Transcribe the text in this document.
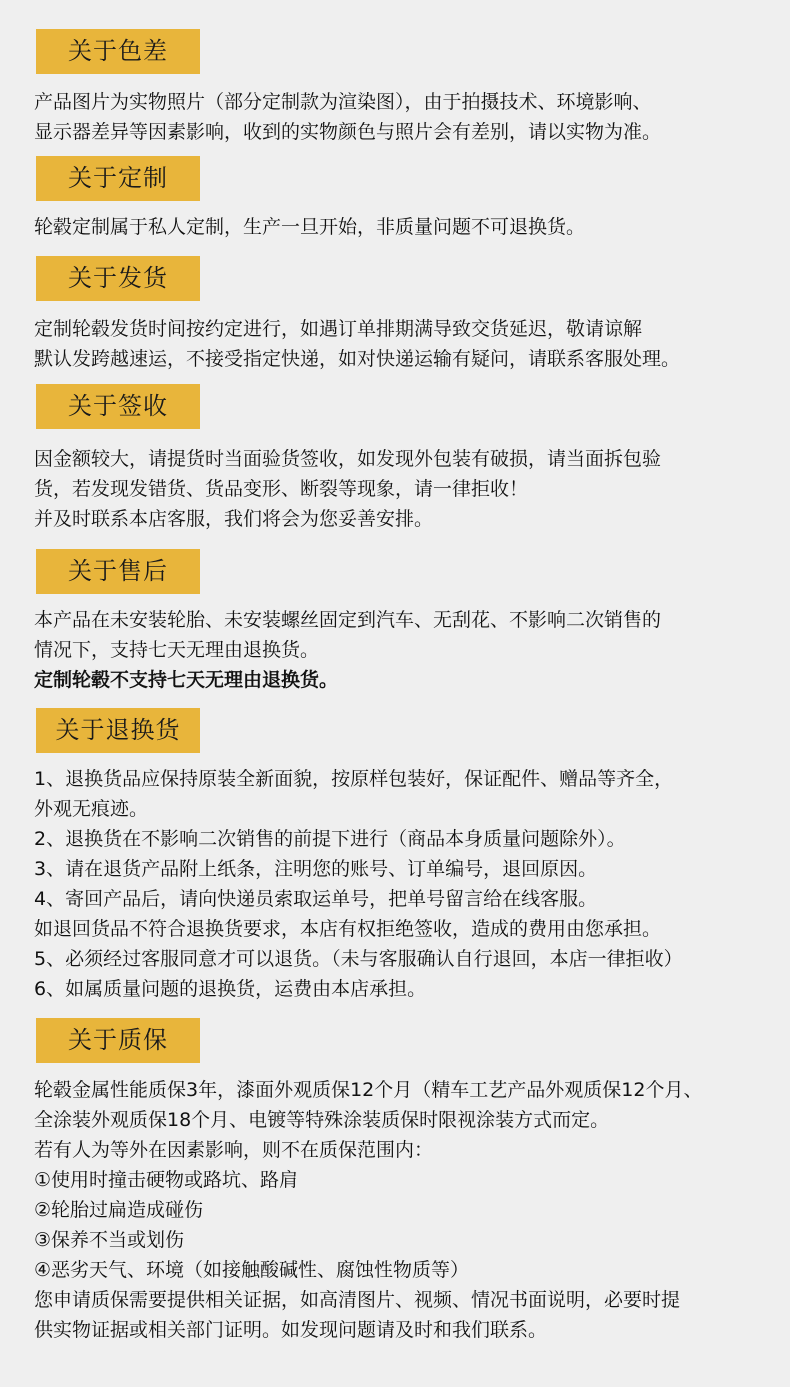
关于色差
产品图片为实物照片（部分定制款为渲染图），由于拍摄技术、环境影响、
显示器差异等因素影响，收到的实物颜色与照片会有差别，请以实物为准。
关于定制
轮毂定制属于私人定制，生产一旦开始，非质量问题不可退换货。
关于发货
定制轮毂发货时间按约定进行，如遇订单排期满导致交货延迟，敬请谅解
默认发跨越速运，不接受指定快递，如对快递运输有疑问，请联系客服处理。
关于签收
因金额较大，请提货时当面验货签收，如发现外包装有破损，请当面拆包验
货，若发现发错货、货品变形、断裂等现象，请一律拒收！
并及时联系本店客服，我们将会为您妥善安排。
关于售后
本产品在未安装轮胎、未安装螺丝固定到汽车、无刮花、不影响二次销售的
情况下，支持七天无理由退换货。
定制轮毂不支持七天无理由退换货。
关于退换货
1、退换货品应保持原装全新面貌，按原样包装好，保证配件、赠品等齐全，
外观无痕迹。
2、退换货在不影响二次销售的前提下进行（商品本身质量问题除外）。
3、请在退货产品附上纸条，注明您的账号、订单编号，退回原因。
4、寄回产品后，请向快递员索取运单号，把单号留言给在线客服。
如退回货品不符合退换货要求，本店有权拒绝签收，造成的费用由您承担。
5、必须经过客服同意才可以退货。（未与客服确认自行退回，本店一律拒收）
6、如属质量问题的退换货，运费由本店承担。
关于质保
轮毂金属性能质保3年，漆面外观质保12个月（精车工艺产品外观质保12个月、
全涂装外观质保18个月、电镀等特殊涂装质保时限视涂装方式而定。
若有人为等外在因素影响，则不在质保范围内：
①使用时撞击硬物或路坑、路肩
②轮胎过扁造成碰伤
③保养不当或划伤
④恶劣天气、环境（如接触酸碱性、腐蚀性物质等）
您申请质保需要提供相关证据，如高清图片、视频、情况书面说明，必要时提
供实物证据或相关部门证明。如发现问题请及时和我们联系。
